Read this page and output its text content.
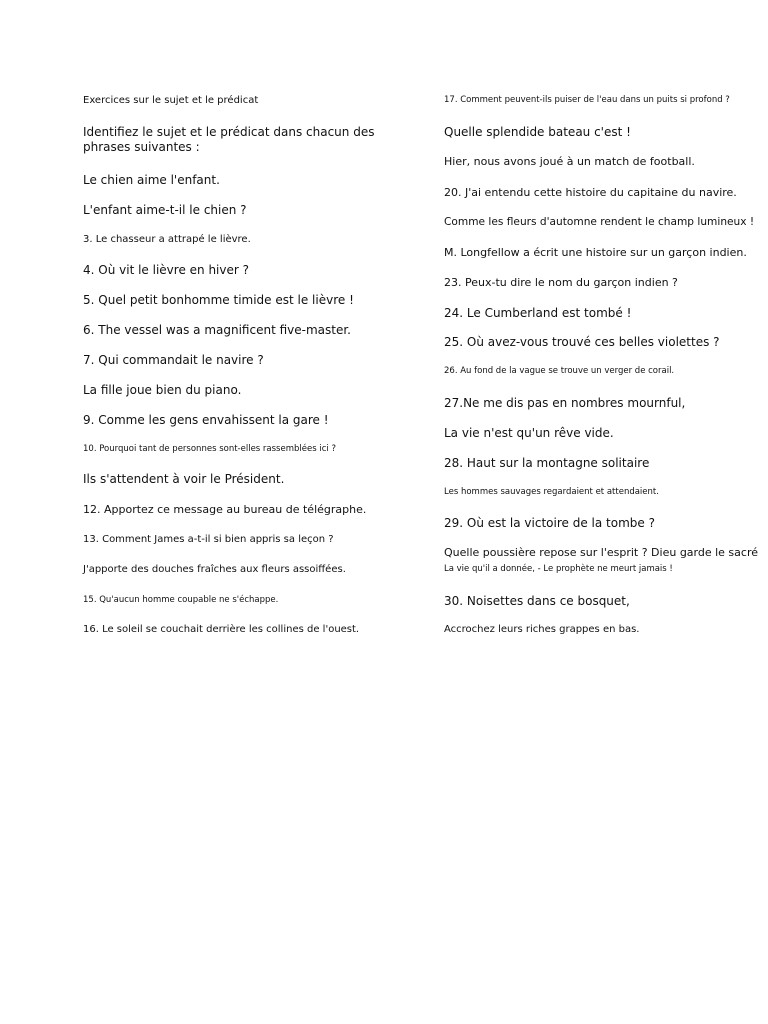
Exercices sur le sujet et le prédicat
Identifiez le sujet et le prédicat dans chacun des phrases suivantes :
Le chien aime l'enfant.
L'enfant aime-t-il le chien ?
3. Le chasseur a attrapé le lièvre.
4. Où vit le lièvre en hiver ?
5. Quel petit bonhomme timide est le lièvre !
6. The vessel was a magnificent five-master.
7. Qui commandait le navire ?
La fille joue bien du piano.
9. Comme les gens envahissent la gare !
10. Pourquoi tant de personnes sont-elles rassemblées ici ?
Ils s'attendent à voir le Président.
12. Apportez ce message au bureau de télégraphe.
13. Comment James a-t-il si bien appris sa leçon ?
J'apporte des douches fraîches aux fleurs assoiffées.
15. Qu'aucun homme coupable ne s'échappe.
16. Le soleil se couchait derrière les collines de l'ouest.
17. Comment peuvent-ils puiser de l'eau dans un puits si profond ?
Quelle splendide bateau c'est !
Hier, nous avons joué à un match de football.
20. J'ai entendu cette histoire du capitaine du navire.
Comme les fleurs d'automne rendent le champ lumineux !
M. Longfellow a écrit une histoire sur un garçon indien.
23. Peux-tu dire le nom du garçon indien ?
24. Le Cumberland est tombé !
25. Où avez-vous trouvé ces belles violettes ?
26. Au fond de la vague se trouve un verger de corail.
27.Ne me dis pas en nombres mournful,
La vie n'est qu'un rêve vide.
28. Haut sur la montagne solitaire
Les hommes sauvages regardaient et attendaient.
29. Où est la victoire de la tombe ?
Quelle poussière repose sur l'esprit ? Dieu garde le sacré
La vie qu'il a donnée, - Le prophète ne meurt jamais !
30. Noisettes dans ce bosquet,
Accrochez leurs riches grappes en bas.
